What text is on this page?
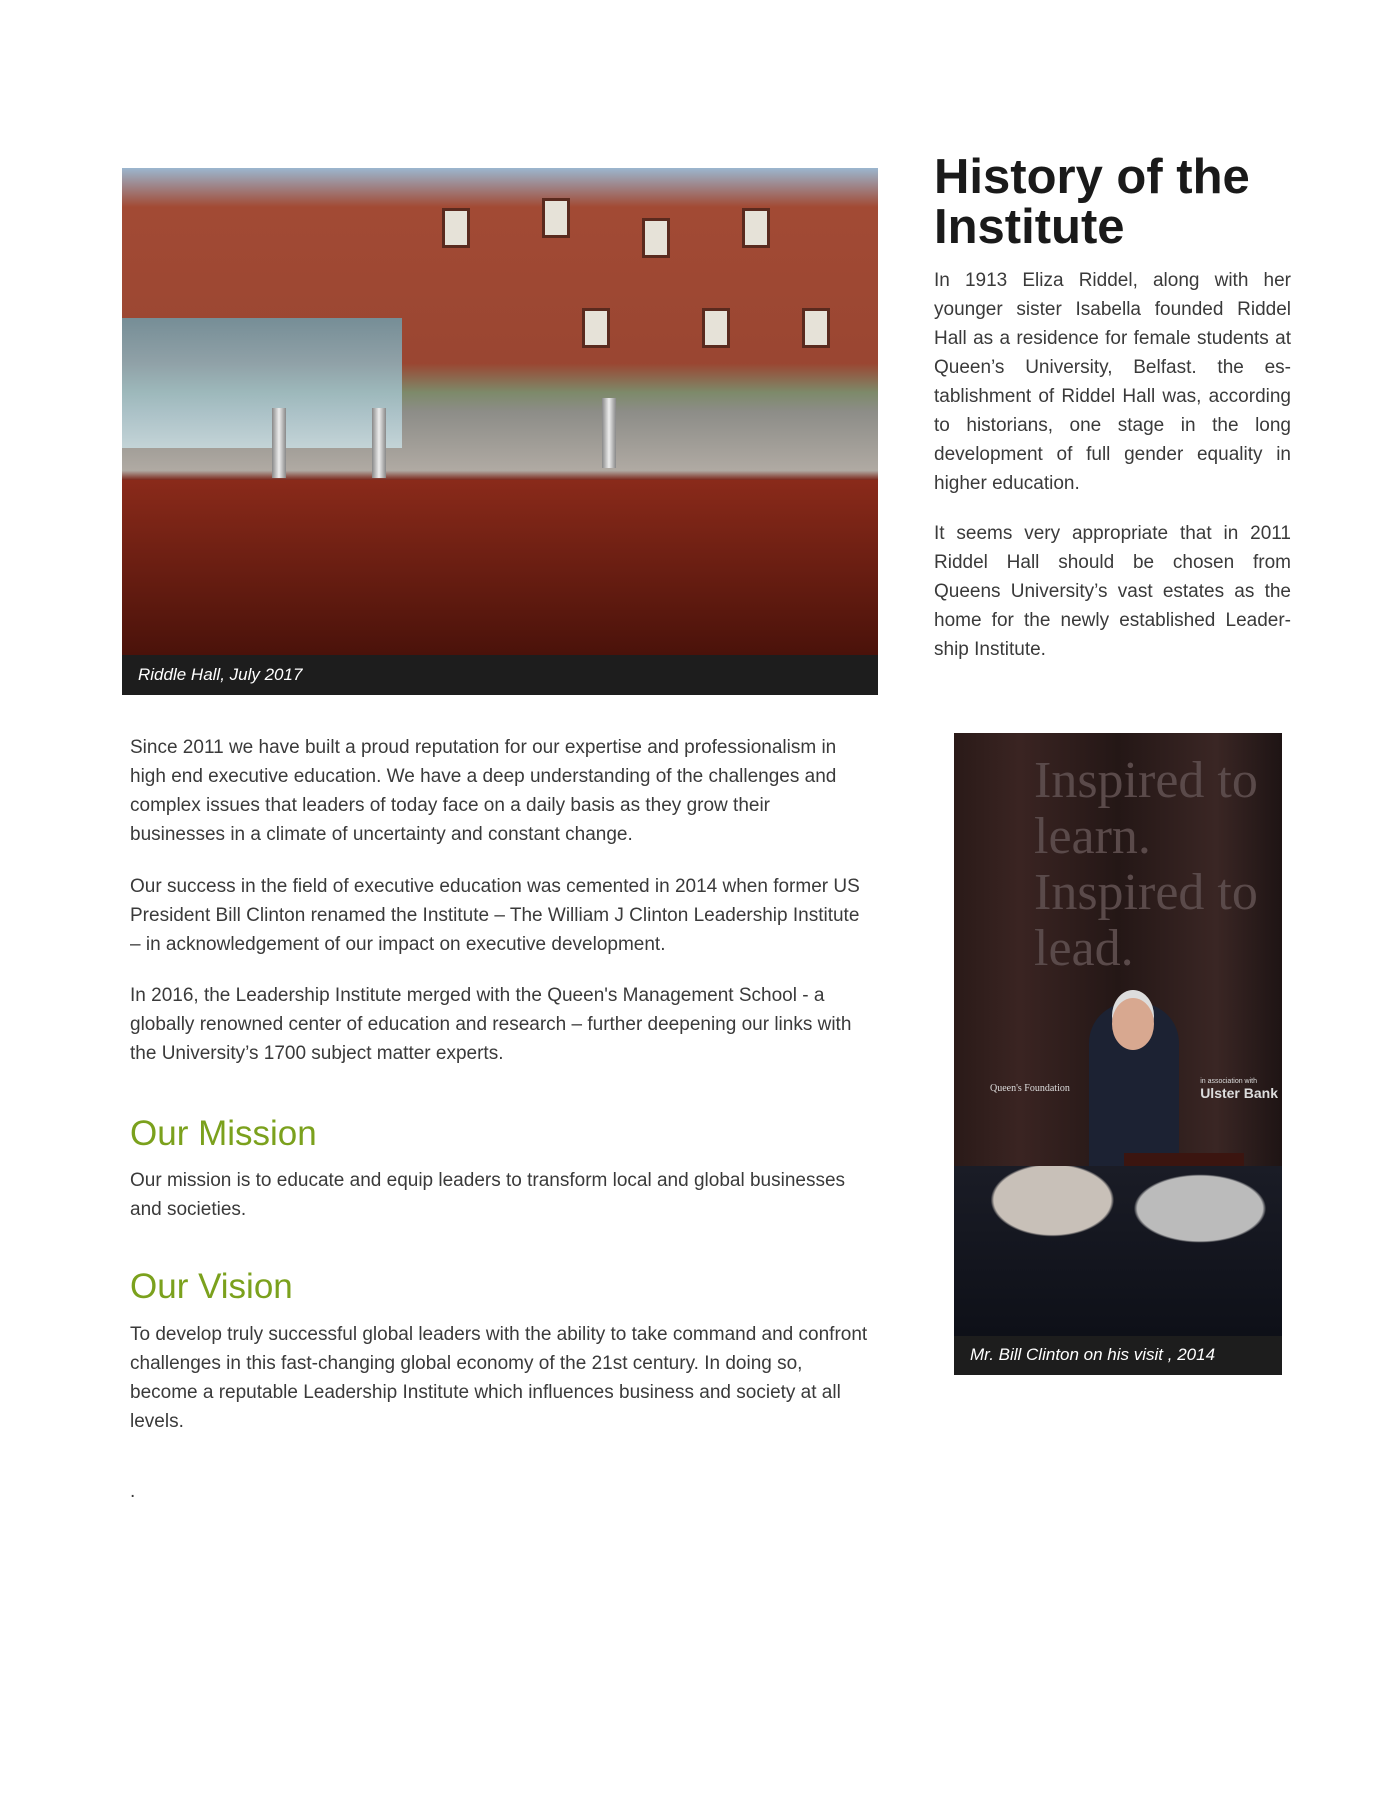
Riddle Hall, July 2017
History of the
Institute

In 1913 Eliza Riddel, along with her younger sister Isabella founded Riddel Hall as a residence for female students at Queen’s University, Belfast. the establishment of Riddel Hall was, according to historians, one stage in the long development of full gender equality in higher education.

It seems very appropriate that in 2011 Riddel Hall should be chosen from Queens University’s vast estates as the home for the newly established Leadership Institute.

Since 2011 we have built a proud reputation for our expertise and professionalism in high end executive education. We have a deep understanding of the challenges and complex issues that leaders of today face on a daily basis as they grow their businesses in a climate of uncertainty and constant change.

Our success in the field of executive education was cemented in 2014 when former US President Bill Clinton renamed the Institute – The William J Clinton Leadership Institute – in acknowledgement of our impact on executive development.

In 2016, the Leadership Institute merged with the Queen's Management School - a globally renowned center of education and research – further deepening our links with the University’s 1700 subject matter experts.

Our Mission

Our mission is to educate and equip leaders to transform local and global businesses and societies.

Our Vision

To develop truly successful global leaders with the ability to take command and confront challenges in this fast-changing global economy of the 21st century. In doing so, become a reputable Leadership Institute which influences business and society at all levels.

.

Inspired to learn. Inspired to lead.
Queen's Foundation
in association with
Ulster Bank
Mr. Bill Clinton on his visit , 2014
